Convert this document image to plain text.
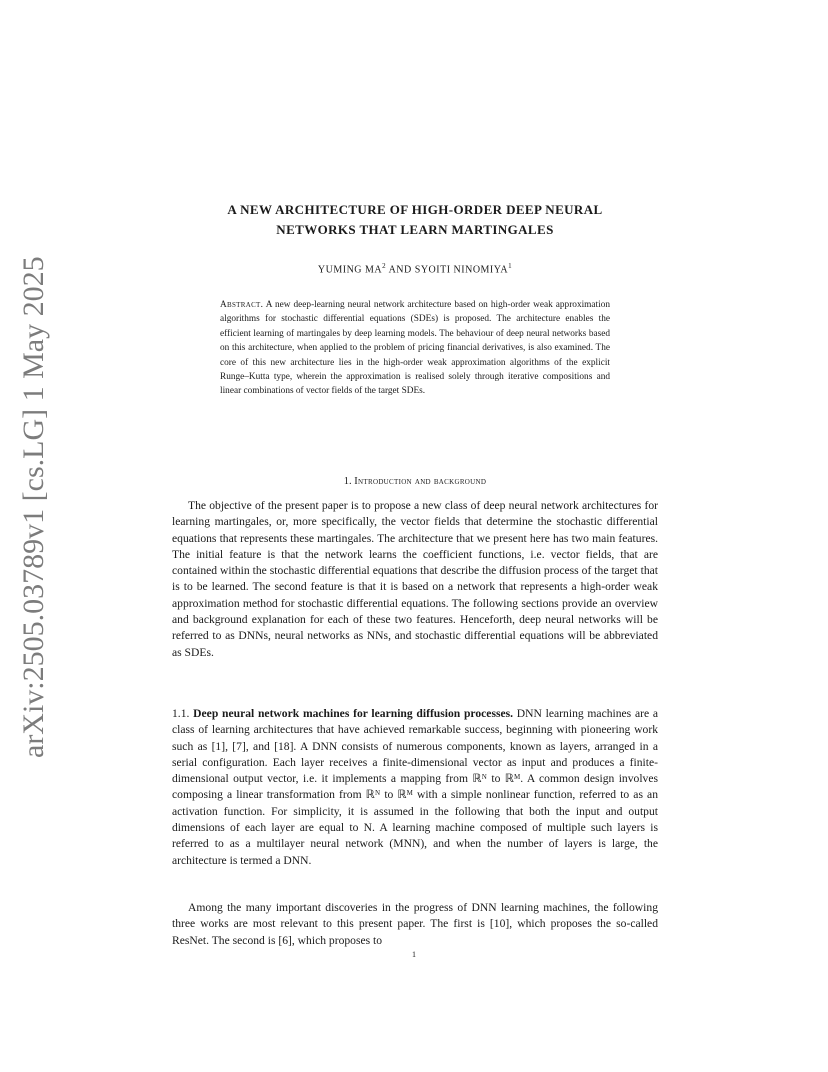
arXiv:2505.03789v1 [cs.LG] 1 May 2025
A NEW ARCHITECTURE OF HIGH-ORDER DEEP NEURAL
NETWORKS THAT LEARN MARTINGALES
YUMING $MA^2$ AND SYOITI NINOMIYA$^1$
Abstract. A new deep-learning neural network architecture based on high-order weak approximation algorithms for stochastic differential equations (SDEs) is proposed. The architecture enables the efficient learning of martingales by deep learning models. The behaviour of deep neural networks based on this architecture, when applied to the problem of pricing financial derivatives, is also examined. The core of this new architecture lies in the high-order weak approximation algorithms of the explicit Runge–Kutta type, wherein the approximation is realised solely through iterative compositions and linear combinations of vector fields of the target SDEs.
1. Introduction and background
The objective of the present paper is to propose a new class of deep neural network architectures for learning martingales, or, more specifically, the vector fields that determine the stochastic differential equations that represents these martingales. The architecture that we present here has two main features. The initial feature is that the network learns the coefficient functions, i.e. vector fields, that are contained within the stochastic differential equations that describe the diffusion process of the target that is to be learned. The second feature is that it is based on a network that represents a high-order weak approximation method for stochastic differential equations. The following sections provide an overview and background explanation for each of these two features. Henceforth, deep neural networks will be referred to as DNNs, neural networks as NNs, and stochastic differential equations will be abbreviated as SDEs.
1.1. Deep neural network machines for learning diffusion processes. DNN learning machines are a class of learning architectures that have achieved remarkable success, beginning with pioneering work such as [1], [7], and [18]. A DNN consists of numerous components, known as layers, arranged in a serial configuration. Each layer receives a finite-dimensional vector as input and produces a finite-dimensional output vector, i.e. it implements a mapping from ℝᴺ to ℝᴹ. A common design involves composing a linear transformation from ℝᴺ to ℝᴹ with a simple nonlinear function, referred to as an activation function. For simplicity, it is assumed in the following that both the input and output dimensions of each layer are equal to N. A learning machine composed of multiple such layers is referred to as a multilayer neural network (MNN), and when the number of layers is large, the architecture is termed a DNN.
Among the many important discoveries in the progress of DNN learning machines, the following three works are most relevant to this present paper. The first is [10], which proposes the so-called ResNet. The second is [6], which proposes to
1
